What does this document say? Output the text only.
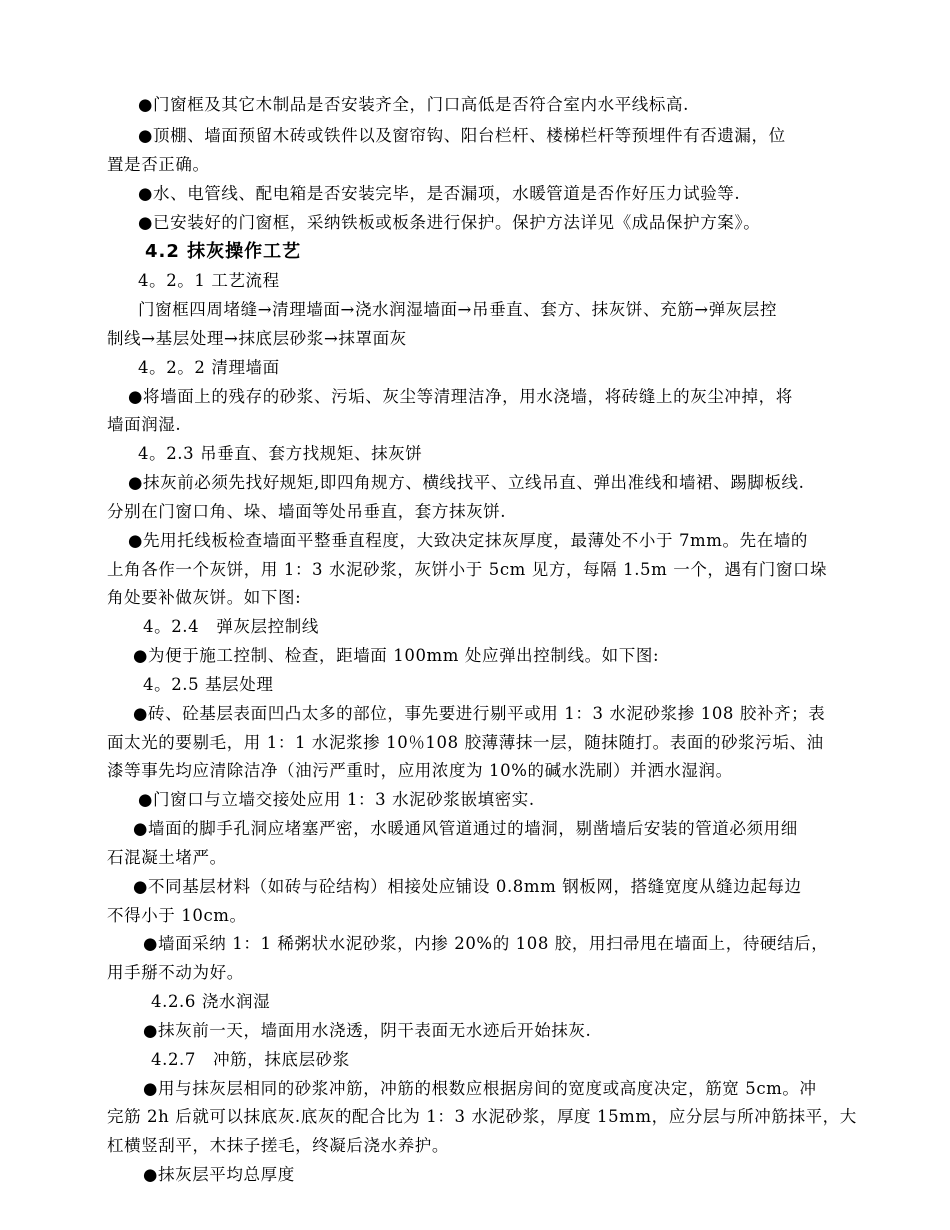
●门窗框及其它木制品是否安装齐全，门口高低是否符合室内水平线标高.
●顶棚、墙面预留木砖或铁件以及窗帘钩、阳台栏杆、楼梯栏杆等预埋件有否遗漏，位
置是否正确。
●水、电管线、配电箱是否安装完毕，是否漏项，水暖管道是否作好压力试验等.
●已安装好的门窗框，采纳铁板或板条进行保护。保护方法详见《成品保护方案》。
4.2 抹灰操作工艺
4。2。1 工艺流程
门窗框四周堵缝→清理墙面→浇水润湿墙面→吊垂直、套方、抹灰饼、充筋→弹灰层控
制线→基层处理→抹底层砂浆→抹罩面灰
4。2。2 清理墙面
●将墙面上的残存的砂浆、污垢、灰尘等清理洁净，用水浇墙，将砖缝上的灰尘冲掉，将
墙面润湿.
4。2.3 吊垂直、套方找规矩、抹灰饼
●抹灰前必须先找好规矩,即四角规方、横线找平、立线吊直、弹出准线和墙裙、踢脚板线.
分别在门窗口角、垛、墙面等处吊垂直，套方抹灰饼.
●先用托线板检查墙面平整垂直程度，大致决定抹灰厚度，最薄处不小于 7mm。先在墙的
上角各作一个灰饼，用 1：3 水泥砂浆，灰饼小于 5cm 见方，每隔 1.5m 一个，遇有门窗口垛
角处要补做灰饼。如下图:
4。2.4　弹灰层控制线
●为便于施工控制、检查，距墙面 100mm 处应弹出控制线。如下图:
4。2.5 基层处理
●砖、砼基层表面凹凸太多的部位，事先要进行剔平或用 1：3 水泥砂浆掺 108 胶补齐；表
面太光的要剔毛，用 1：1 水泥浆掺 10％108 胶薄薄抹一层，随抹随打。表面的砂浆污垢、油
漆等事先均应清除洁净（油污严重时，应用浓度为 10%的碱水洗刷）并洒水湿润。
●门窗口与立墙交接处应用 1：3 水泥砂浆嵌填密实.
●墙面的脚手孔洞应堵塞严密，水暖通风管道通过的墙洞，剔凿墙后安装的管道必须用细
石混凝土堵严。
●不同基层材料（如砖与砼结构）相接处应铺设 0.8mm 钢板网，搭缝宽度从缝边起每边
不得小于 10cm。
●墙面采纳 1：1 稀粥状水泥砂浆，内掺 20%的 108 胶，用扫帚甩在墙面上，待硬结后，
用手掰不动为好。
4.2.6 浇水润湿
●抹灰前一天，墙面用水浇透，阴干表面无水迹后开始抹灰.
4.2.7　冲筋，抹底层砂浆
●用与抹灰层相同的砂浆冲筋，冲筋的根数应根据房间的宽度或高度决定，筋宽 5cm。冲
完筋 2h 后就可以抹底灰.底灰的配合比为 1：3 水泥砂浆，厚度 15mm，应分层与所冲筋抹平，大
杠横竖刮平，木抹子搓毛，终凝后浇水养护。
●抹灰层平均总厚度
